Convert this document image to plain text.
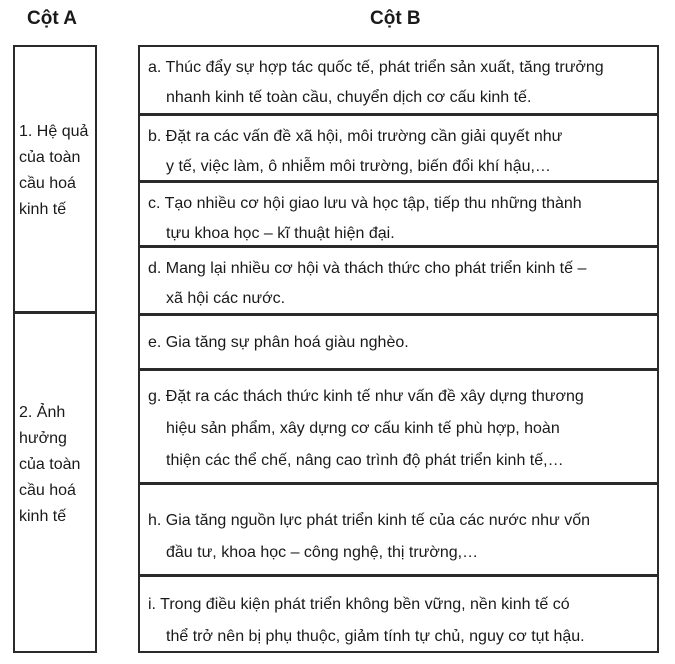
Cột A	Cột B
1. Hệ quả
của toàn
cầu hoá
kinh tế
2. Ảnh
hưởng
của toàn
cầu hoá
kinh tế
a. Thúc đẩy sự hợp tác quốc tế, phát triển sản xuất, tăng trưởng
nhanh kinh tế toàn cầu, chuyển dịch cơ cấu kinh tế.
b. Đặt ra các vấn đề xã hội, môi trường cần giải quyết như
y tế, việc làm, ô nhiễm môi trường, biến đổi khí hậu,…
c. Tạo nhiều cơ hội giao lưu và học tập, tiếp thu những thành
tựu khoa học – kĩ thuật hiện đại.
d. Mang lại nhiều cơ hội và thách thức cho phát triển kinh tế –
xã hội các nước.
e. Gia tăng sự phân hoá giàu nghèo.
g. Đặt ra các thách thức kinh tế như vấn đề xây dựng thương
hiệu sản phẩm, xây dựng cơ cấu kinh tế phù hợp, hoàn
thiện các thể chế, nâng cao trình độ phát triển kinh tế,…
h. Gia tăng nguồn lực phát triển kinh tế của các nước như vốn
đầu tư, khoa học – công nghệ, thị trường,…
i. Trong điều kiện phát triển không bền vững, nền kinh tế có
thể trở nên bị phụ thuộc, giảm tính tự chủ, nguy cơ tụt hậu.
